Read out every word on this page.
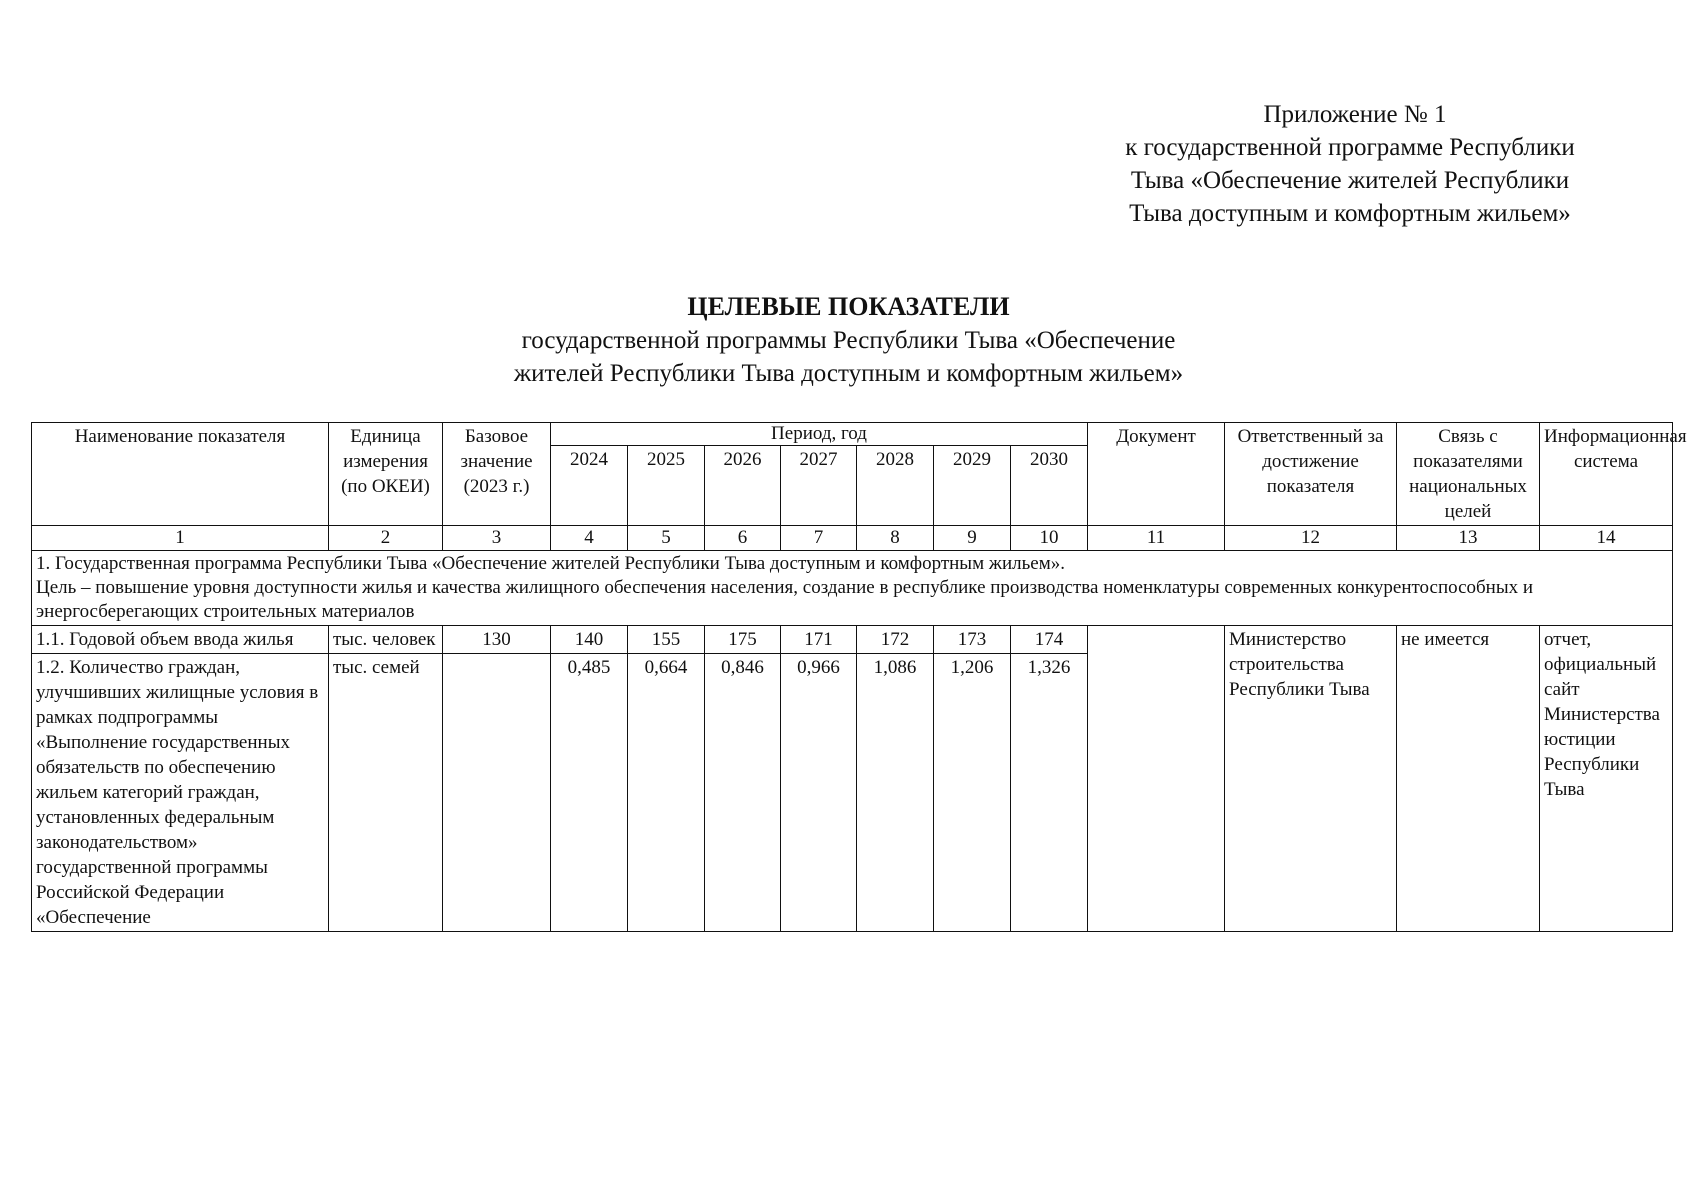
Приложение № 1
к государственной программе Республики
Тыва «Обеспечение жителей Республики
Тыва доступным и комфортным жильем»
ЦЕЛЕВЫЕ ПОКАЗАТЕЛИ
государственной программы Республики Тыва «Обеспечение
жителей Республики Тыва доступным и комфортным жильем»
Наименование показателя	Единица измерения (по ОКЕИ)	Базовое значение (2023 г.)	Период, год							Документ	Ответственный за достижение показателя	Связь с показателями национальных целей	Информационная система
			2024	2025	2026	2027	2028	2029	2030				
1	2	3	4	5	6	7	8	9	10	11	12	13	14

1. Государственная программа Республики Тыва «Обеспечение жителей Республики Тыва доступным и комфортным жильем».
Цель – повышение уровня доступности жилья и качества жилищного обеспечения населения, создание в республике производства номенклатуры современных конкурентоспособных и энергосберегающих строительных материалов													

1.1. Годовой объем ввода жилья	тыс. человек	130	140	155	175	171	172	173	174		Министерство строительства Республики Тыва	не имеется	отчет, официальный сайт Министерства юстиции Республики Тыва
1.2. Количество граждан, улучшивших жилищные условия в рамках подпрограммы «Выполнение государственных обязательств по обеспечению жильем категорий граждан, установленных федеральным законодательством» государственной программы Российской Федерации «Обеспечение	тыс. семей		0,485	0,664	0,846	0,966	1,086	1,206	1,326				
